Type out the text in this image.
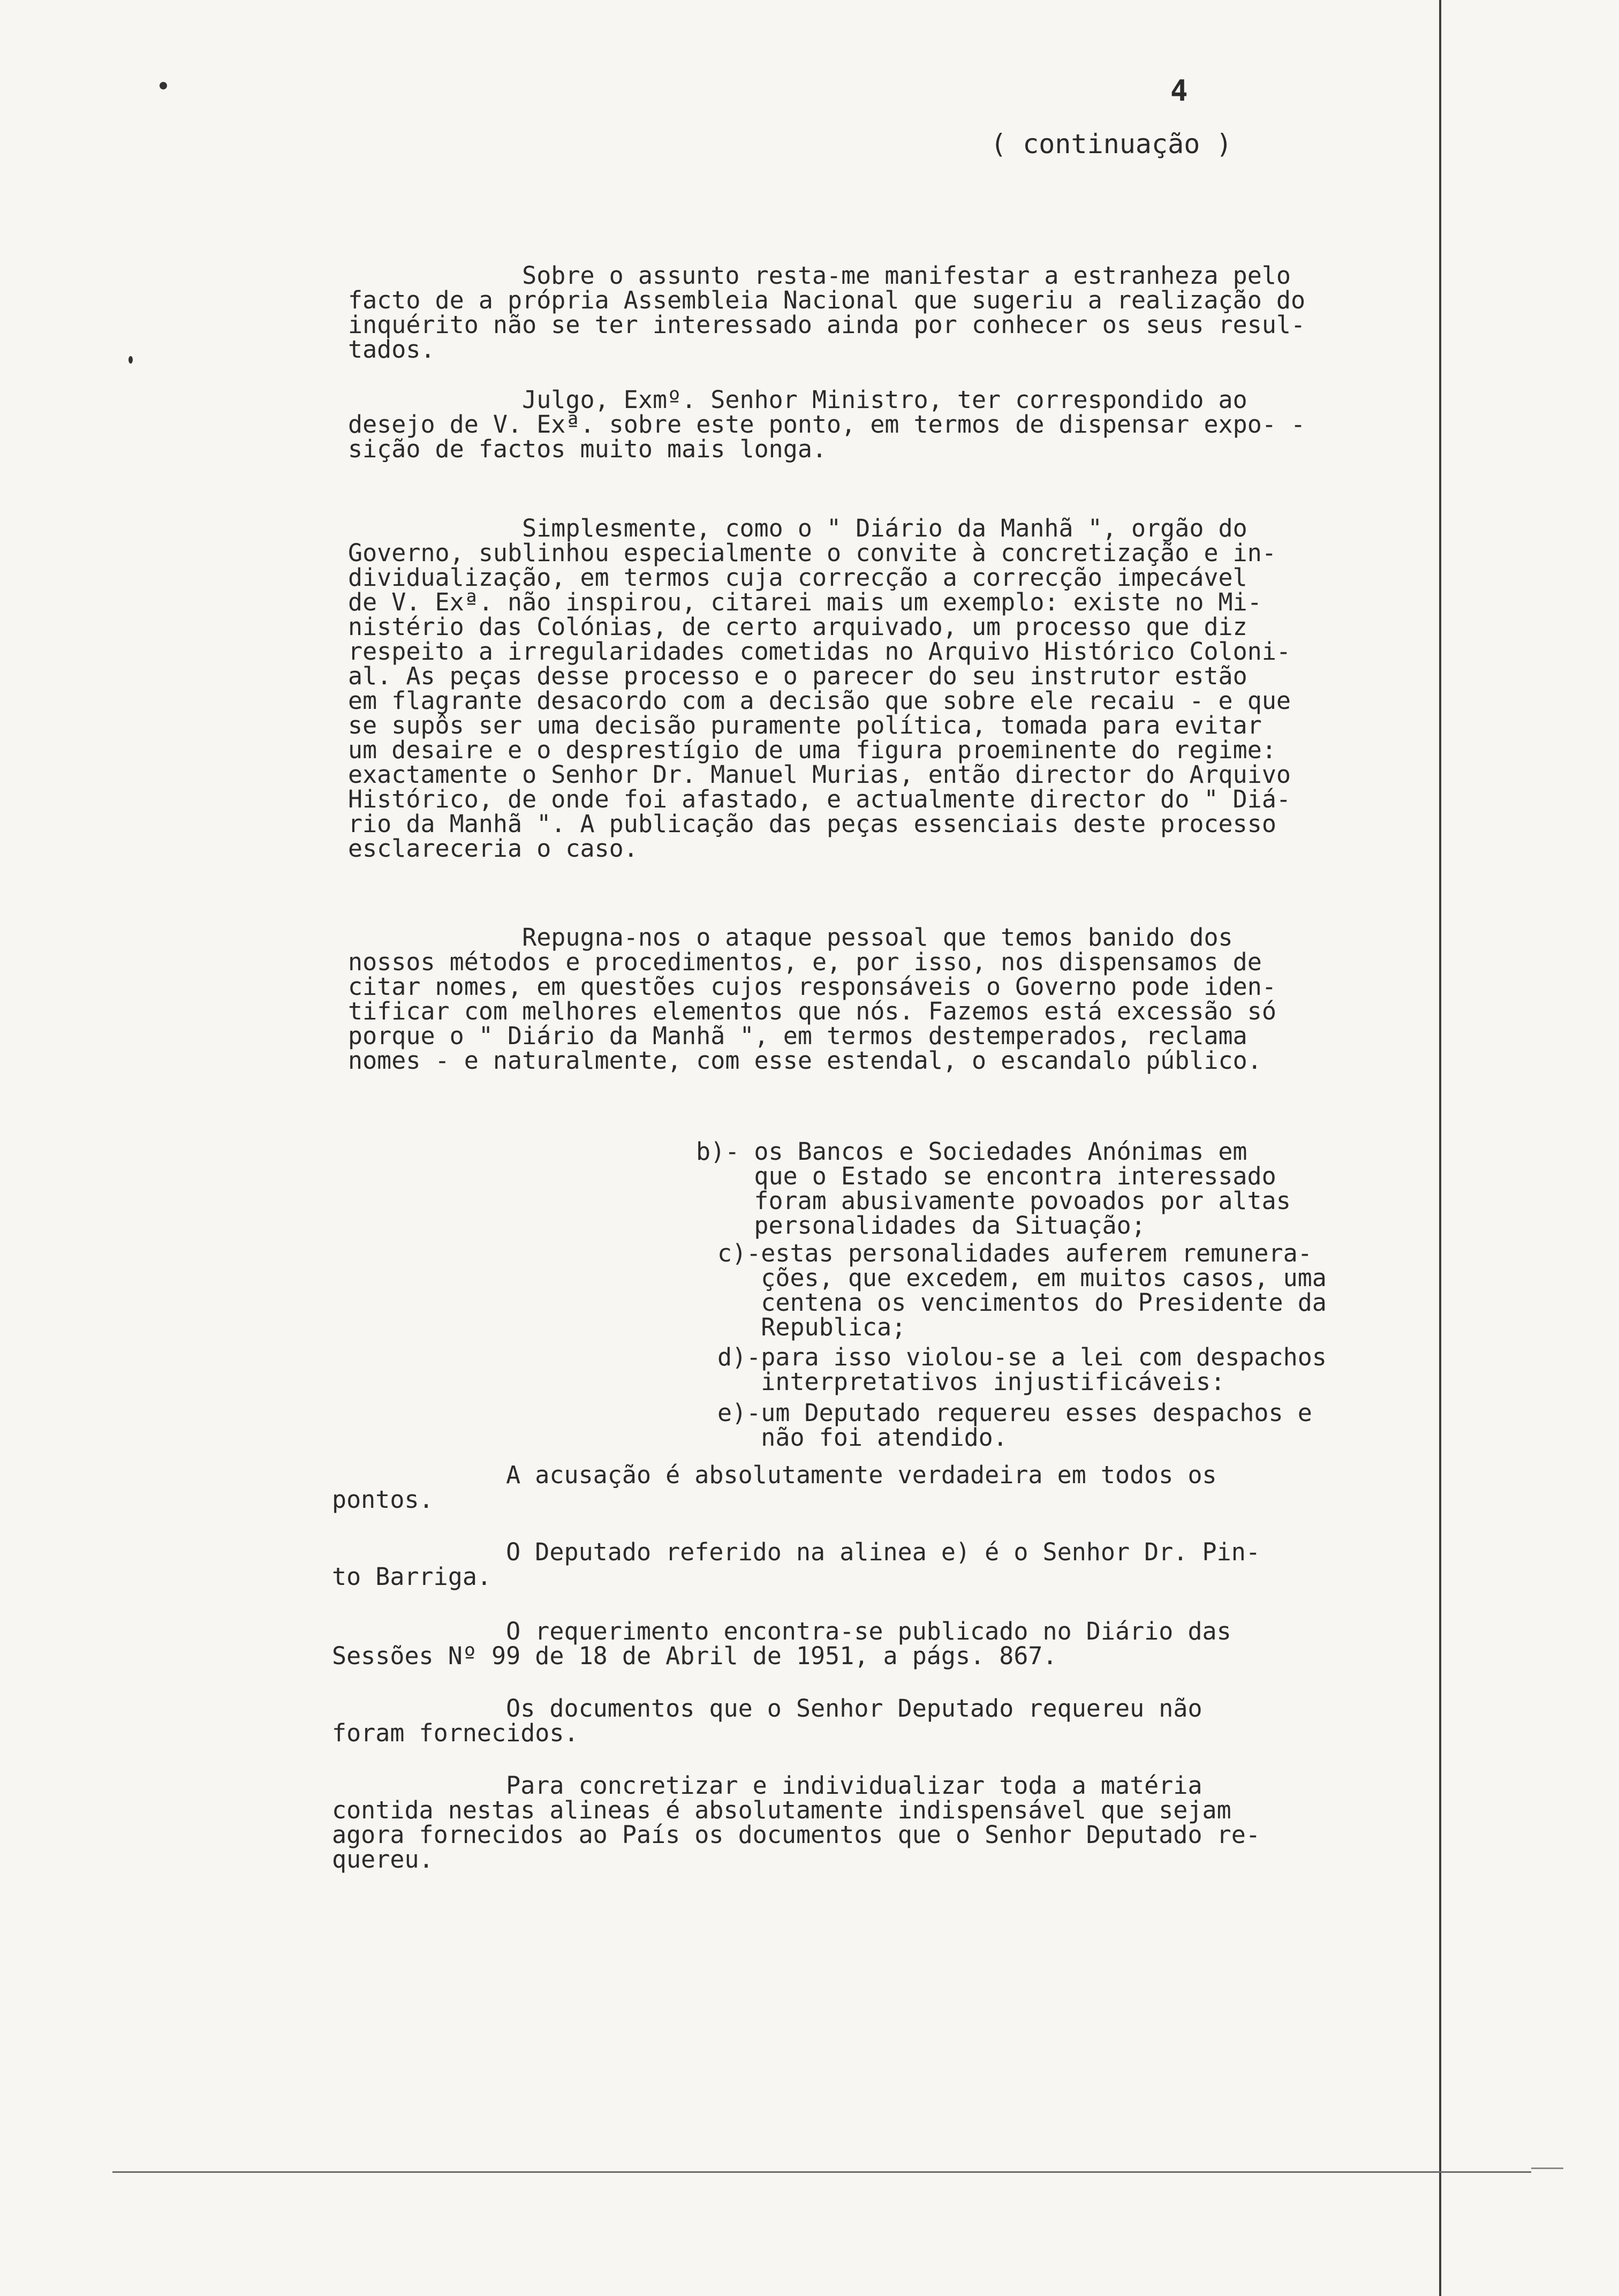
4
( continuação )
Sobre o assunto resta-me manifestar a estranheza pelo
facto de a própria Assembleia Nacional que sugeriu a realização do
inquérito não se ter interessado ainda por conhecer os seus resul-
tados.
Julgo, Exmº. Senhor Ministro, ter correspondido ao
desejo de V. Exª. sobre este ponto, em termos de dispensar expo- -
sição de factos muito mais longa.
Simplesmente, como o " Diário da Manhã ", orgão do
Governo, sublinhou especialmente o convite à concretização e in-
dividualização, em termos cuja correcção a correcção impecável
de V. Exª. não inspirou, citarei mais um exemplo: existe no Mi-
nistério das Colónias, de certo arquivado, um processo que diz
respeito a irregularidades cometidas no Arquivo Histórico Coloni-
al. As peças desse processo e o parecer do seu instrutor estão
em flagrante desacordo com a decisão que sobre ele recaiu - e que
se supôs ser uma decisão puramente política, tomada para evitar
um desaire e o desprestígio de uma figura proeminente do regime:
exactamente o Senhor Dr. Manuel Murias, então director do Arquivo
Histórico, de onde foi afastado, e actualmente director do " Diá-
rio da Manhã ". A publicação das peças essenciais deste processo
esclareceria o caso.
Repugna-nos o ataque pessoal que temos banido dos
nossos métodos e procedimentos, e, por isso, nos dispensamos de
citar nomes, em questões cujos responsáveis o Governo pode iden-
tificar com melhores elementos que nós. Fazemos está excessão só
porque o " Diário da Manhã ", em termos destemperados, reclama
nomes - e naturalmente, com esse estendal, o escandalo público.
b)- os Bancos e Sociedades Anónimas em
que o Estado se encontra interessado
foram abusivamente povoados por altas
personalidades da Situação;
c)-estas personalidades auferem remunera-
ções, que excedem, em muitos casos, uma
centena os vencimentos do Presidente da
Republica;
d)-para isso violou-se a lei com despachos
interpretativos injustificáveis:
e)-um Deputado requereu esses despachos e
não foi atendido.
A acusação é absolutamente verdadeira em todos os
pontos.
O Deputado referido na alinea e) é o Senhor Dr. Pin-
to Barriga.
O requerimento encontra-se publicado no Diário das
Sessões Nº 99 de 18 de Abril de 1951, a págs. 867.
Os documentos que o Senhor Deputado requereu não
foram fornecidos.
Para concretizar e individualizar toda a matéria
contida nestas alineas é absolutamente indispensável que sejam
agora fornecidos ao País os documentos que o Senhor Deputado re-
quereu.
